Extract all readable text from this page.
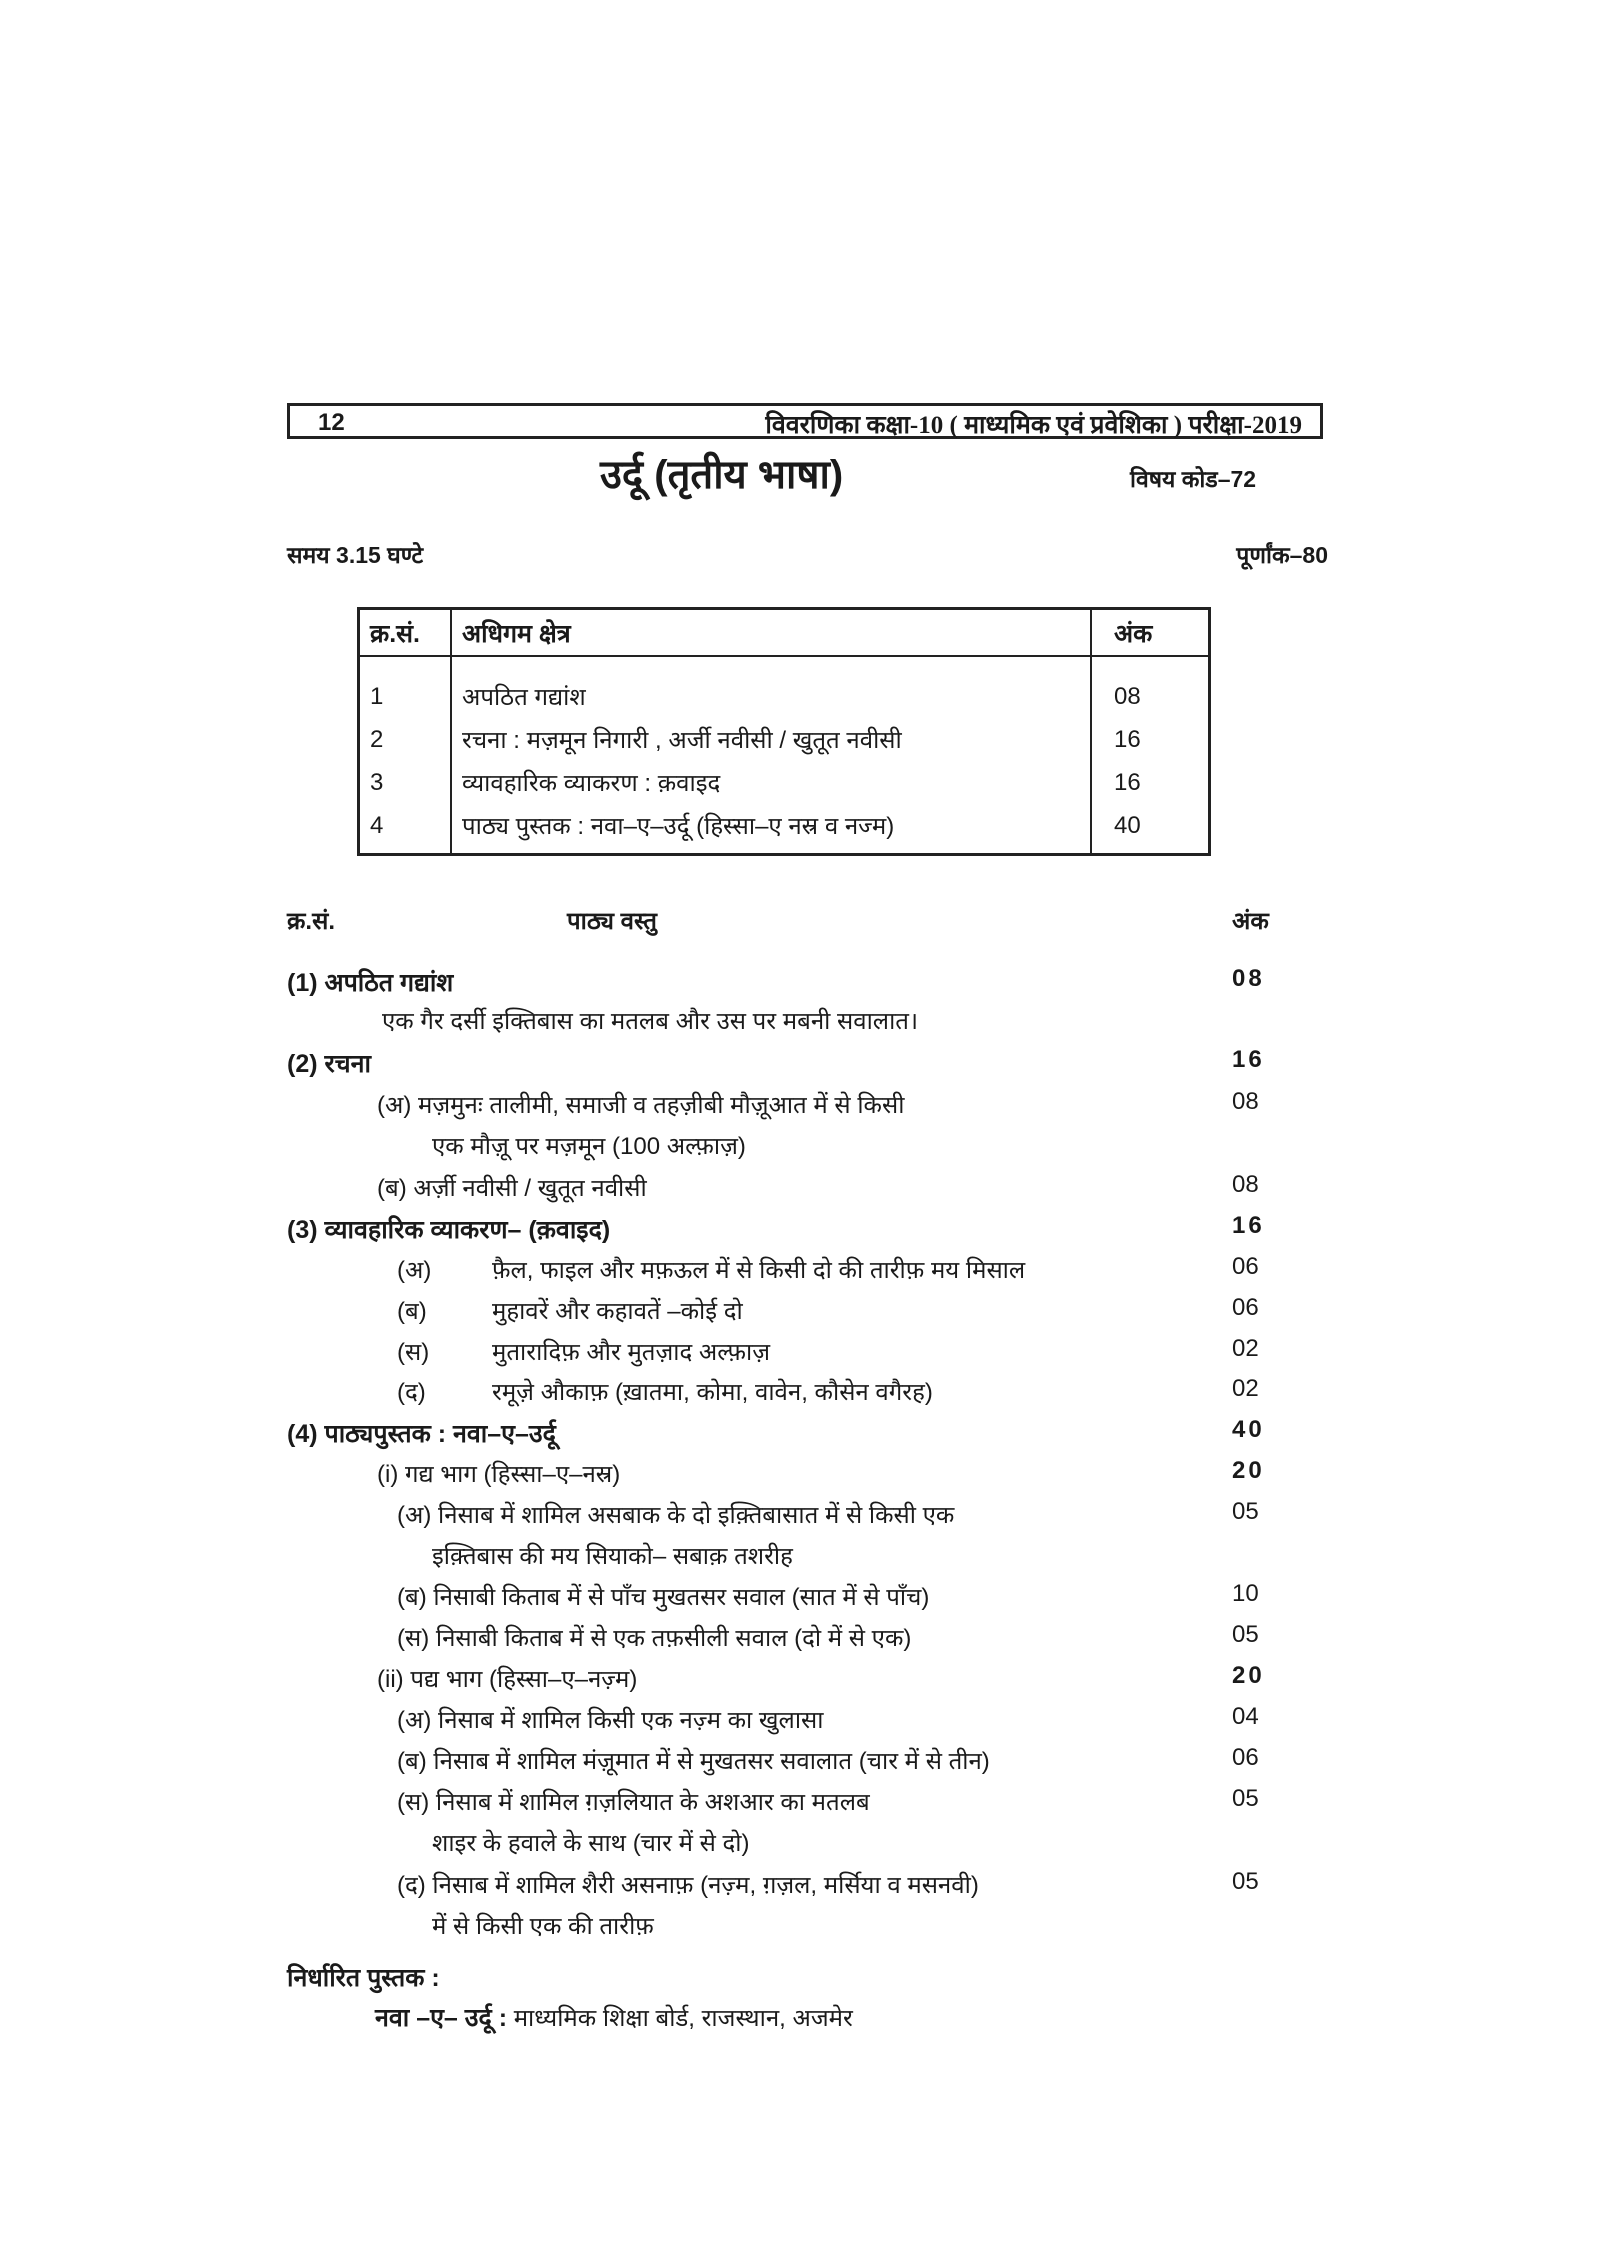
12	विवरणिका कक्षा-10 ( माध्यमिक एवं प्रवेशिका ) परीक्षा-2019
उर्दू (तृतीय भाषा)	विषय कोड–72
समय 3.15 घण्टे	पूर्णांक–80
क्र.सं.	अधिगम क्षेत्र	अंक
1	अपठित गद्यांश	08
2	रचना : मज़मून निगारी , अर्जी नवीसी / खुतूत नवीसी	16
3	व्यावहारिक व्याकरण : क़वाइद	16
4	पाठ्य पुस्तक : नवा–ए–उर्दू (हिस्सा–ए नस्र व नज्म)	40
क्र.सं.	पाठ्य वस्तु	अंक
(1) अपठित गद्यांश	08
एक गैर दर्सी इक्तिबास का मतलब और उस पर मबनी सवालात।
(2) रचना	16
(अ) मज़मुनः तालीमी, समाजी व तहज़ीबी मौज़ूआत में से किसी	08
एक मौज़ू पर मज़मून (100 अल्फ़ाज़)
(ब) अर्ज़ी नवीसी / खुतूत नवीसी	08
(3) व्यावहारिक व्याकरण– (क़वाइद)	16
(अ)	फ़ैल, फाइल और मफ़ऊल में से किसी दो की तारीफ़ मय मिसाल	06
(ब)	मुहावरें और कहावतें –कोई दो	06
(स)	मुतारादिफ़ और मुतज़ाद अल्फ़ाज़	02
(द)	रमूज़े औकाफ़ (ख़ातमा, कोमा, वावेन, कौसेन वगैरह)	02
(4) पाठ्यपुस्तक : नवा–ए–उर्दू	40
(i) गद्य भाग (हिस्सा–ए–नस्र)	20
(अ) निसाब में शामिल असबाक के दो इक़्तिबासात में से किसी एक	05
इक़्तिबास की मय सियाको– सबाक़ तशरीह
(ब) निसाबी किताब में से पाँच मुखतसर सवाल (सात में से पाँच)	10
(स) निसाबी किताब में से एक तफ़सीली सवाल (दो में से एक)	05
(ii) पद्य भाग (हिस्सा–ए–नज़्म)	20
(अ) निसाब में शामिल किसी एक नज़्म का खुलासा	04
(ब) निसाब में शामिल मंज़ूमात में से मुखतसर सवालात (चार में से तीन)	06
(स) निसाब में शामिल ग़ज़लियात के अशआर का मतलब	05
शाइर के हवाले के साथ (चार में से दो)
(द) निसाब में शामिल शैरी असनाफ़ (नज़्म, ग़ज़ल, मर्सिया व मसनवी)	05
में से किसी एक की तारीफ़
निर्धारित पुस्तक :
नवा –ए– उर्दू : माध्यमिक शिक्षा बोर्ड, राजस्थान, अजमेर
